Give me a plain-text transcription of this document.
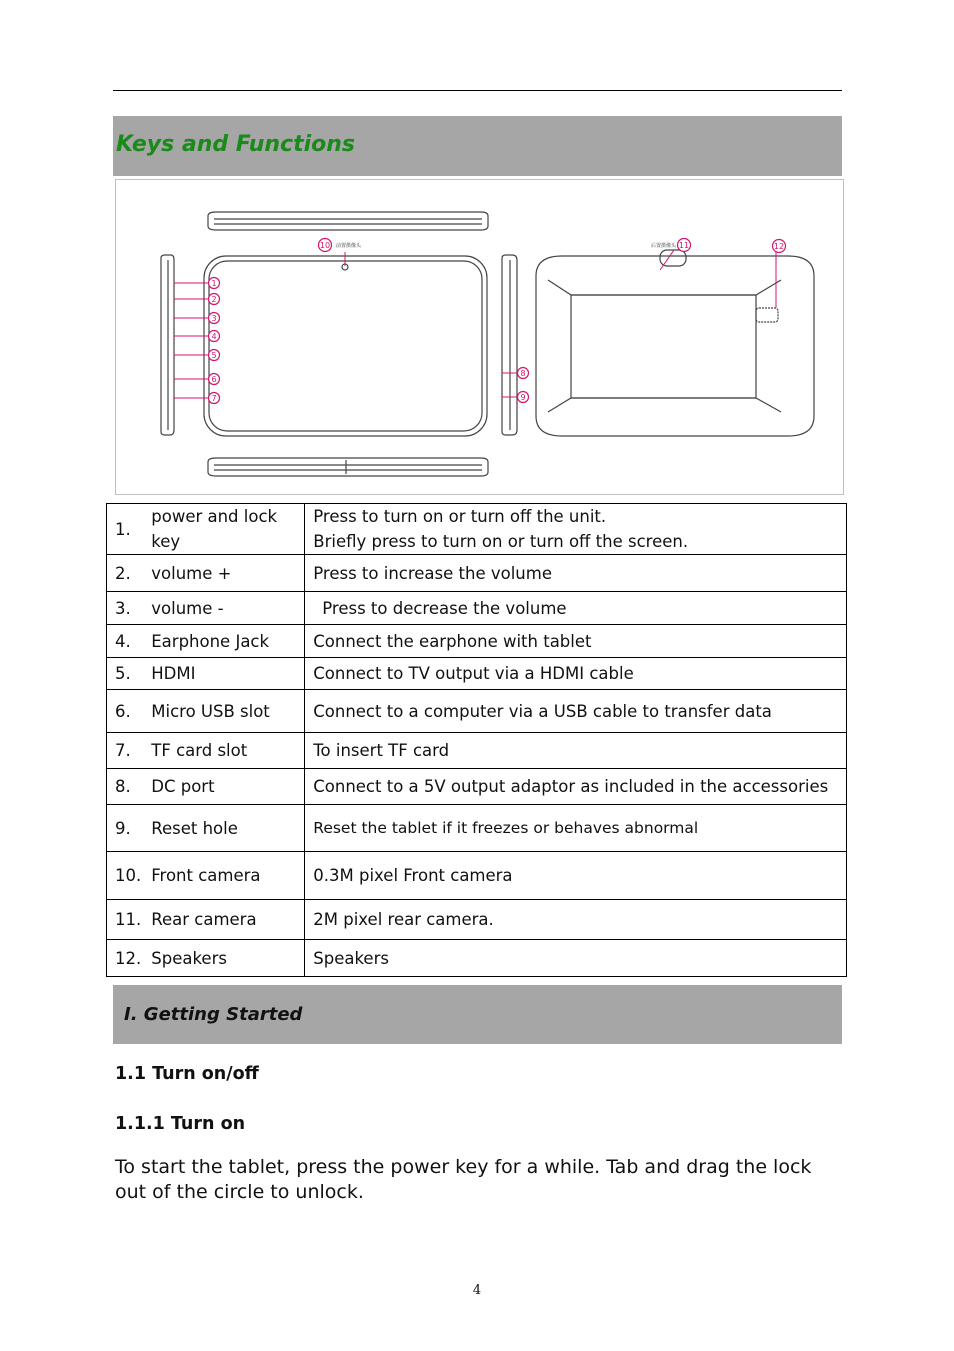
Keys and Functions
1
2
3
4
5
6
7
8
9
10	11	12
前置摄像头	后置摄像头
1.	power and lock key	Press to turn on or turn off the unit.
Briefly press to turn on or turn off the screen.

2.	volume +	Press to increase the volume
3.	volume -	Press to decrease the volume
4.	Earphone Jack	Connect the earphone with tablet
5.	HDMI	Connect to TV output via a HDMI cable
6.	Micro USB slot	Connect to a computer via a USB cable to transfer data
7.	TF card slot	To insert TF card
8.	DC port	Connect to a 5V output adaptor as included in the accessories
9.	Reset hole	Reset the tablet if it freezes or behaves abnormal
10.	Front camera	0.3M pixel Front camera
11.	Rear camera	2M pixel rear camera.
12.	Speakers	Speakers
I. Getting Started
1.1 Turn on/off
1.1.1 Turn on
To start the tablet, press the power key for a while. Tab and drag the lock out of the circle to unlock.
4
